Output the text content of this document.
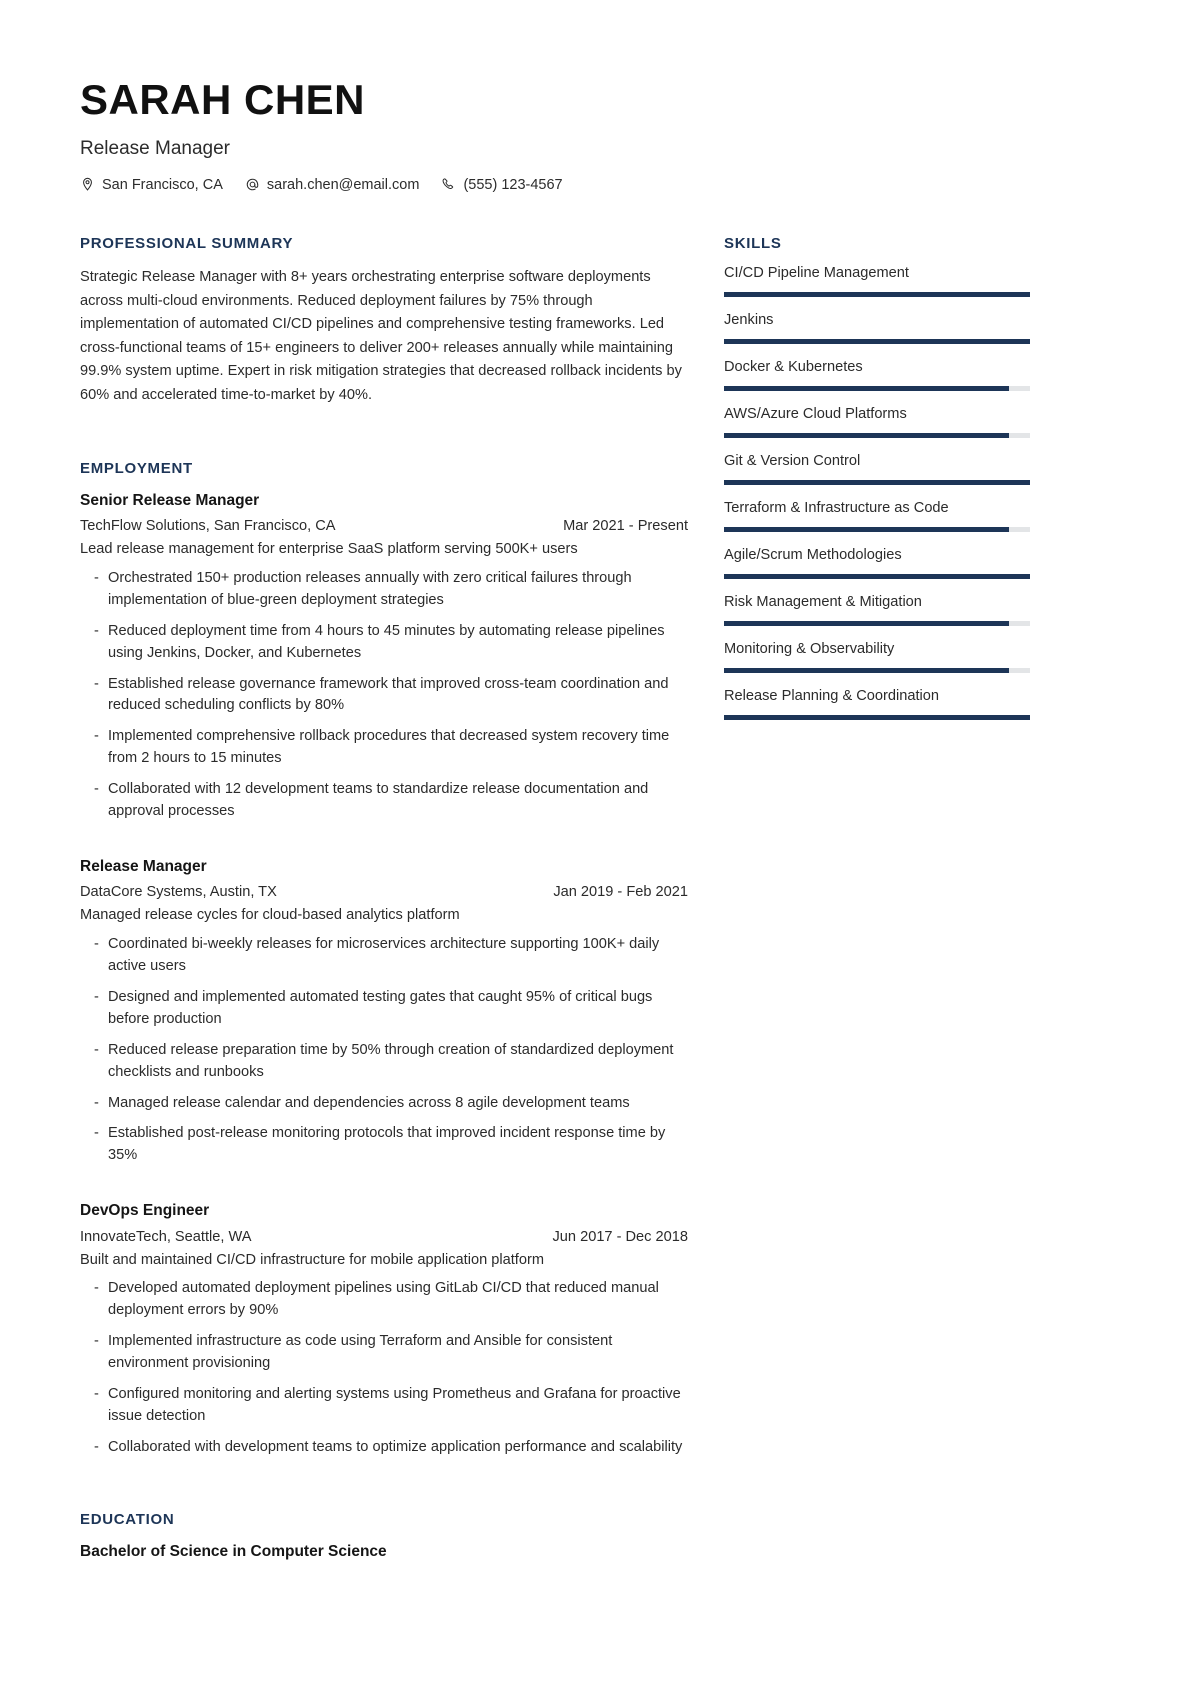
SARAH CHEN
Release Manager
San Francisco, CA	sarah.chen@email.com	(555) 123-4567
PROFESSIONAL SUMMARY

Strategic Release Manager with 8+ years orchestrating enterprise software deployments across multi-cloud environments. Reduced deployment failures by 75% through implementation of automated CI/CD pipelines and comprehensive testing frameworks. Led cross-functional teams of 15+ engineers to deliver 200+ releases annually while maintaining 99.9% system uptime. Expert in risk mitigation strategies that decreased rollback incidents by 60% and accelerated time-to-market by 40%.

EMPLOYMENT
Senior Release Manager
TechFlow Solutions, San Francisco, CA	Mar 2021 - Present
Lead release management for enterprise SaaS platform serving 500K+ users
- Orchestrated 150+ production releases annually with zero critical failures through implementation of blue-green deployment strategies
- Reduced deployment time from 4 hours to 45 minutes by automating release pipelines using Jenkins, Docker, and Kubernetes
- Established release governance framework that improved cross-team coordination and reduced scheduling conflicts by 80%
- Implemented comprehensive rollback procedures that decreased system recovery time from 2 hours to 15 minutes
- Collaborated with 12 development teams to standardize release documentation and approval processes
Release Manager
DataCore Systems, Austin, TX	Jan 2019 - Feb 2021
Managed release cycles for cloud-based analytics platform
- Coordinated bi-weekly releases for microservices architecture supporting 100K+ daily active users
- Designed and implemented automated testing gates that caught 95% of critical bugs before production
- Reduced release preparation time by 50% through creation of standardized deployment checklists and runbooks
- Managed release calendar and dependencies across 8 agile development teams
- Established post-release monitoring protocols that improved incident response time by 35%
DevOps Engineer
InnovateTech, Seattle, WA	Jun 2017 - Dec 2018
Built and maintained CI/CD infrastructure for mobile application platform
- Developed automated deployment pipelines using GitLab CI/CD that reduced manual deployment errors by 90%
- Implemented infrastructure as code using Terraform and Ansible for consistent environment provisioning
- Configured monitoring and alerting systems using Prometheus and Grafana for proactive issue detection
- Collaborated with development teams to optimize application performance and scalability
EDUCATION
Bachelor of Science in Computer Science
SKILLS
CI/CD Pipeline Management
Jenkins
Docker & Kubernetes
AWS/Azure Cloud Platforms
Git & Version Control
Terraform & Infrastructure as Code
Agile/Scrum Methodologies
Risk Management & Mitigation
Monitoring & Observability
Release Planning & Coordination
